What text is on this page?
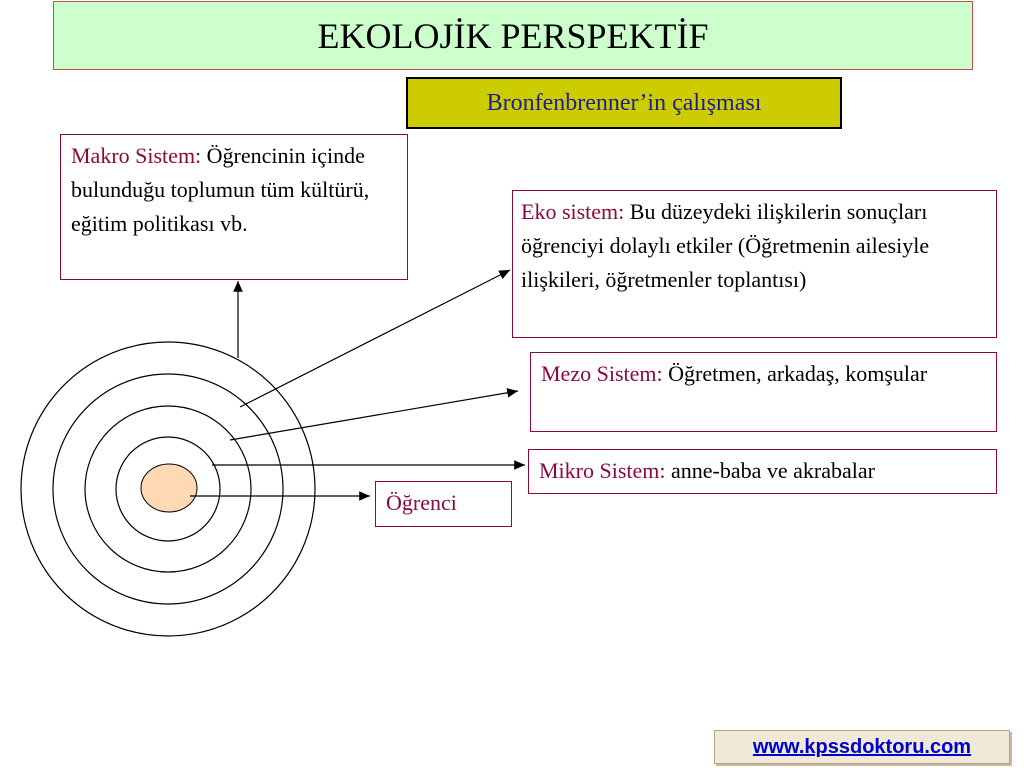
EKOLOJİK PERSPEKTİF
Bronfenbrenner’in çalışması
Makro Sistem: Öğrencinin içinde bulunduğu toplumun tüm kültürü, eğitim politikası vb.	Eko sistem: Bu düzeydeki ilişkilerin sonuçları öğrenciyi dolaylı etkiler (Öğretmenin ailesiyle ilişkileri, öğretmenler toplantısı)
Mezo Sistem: Öğretmen, arkadaş, komşular
Mikro Sistem: anne-baba ve akrabalar
Öğrenci
www.kpssdoktoru.com
